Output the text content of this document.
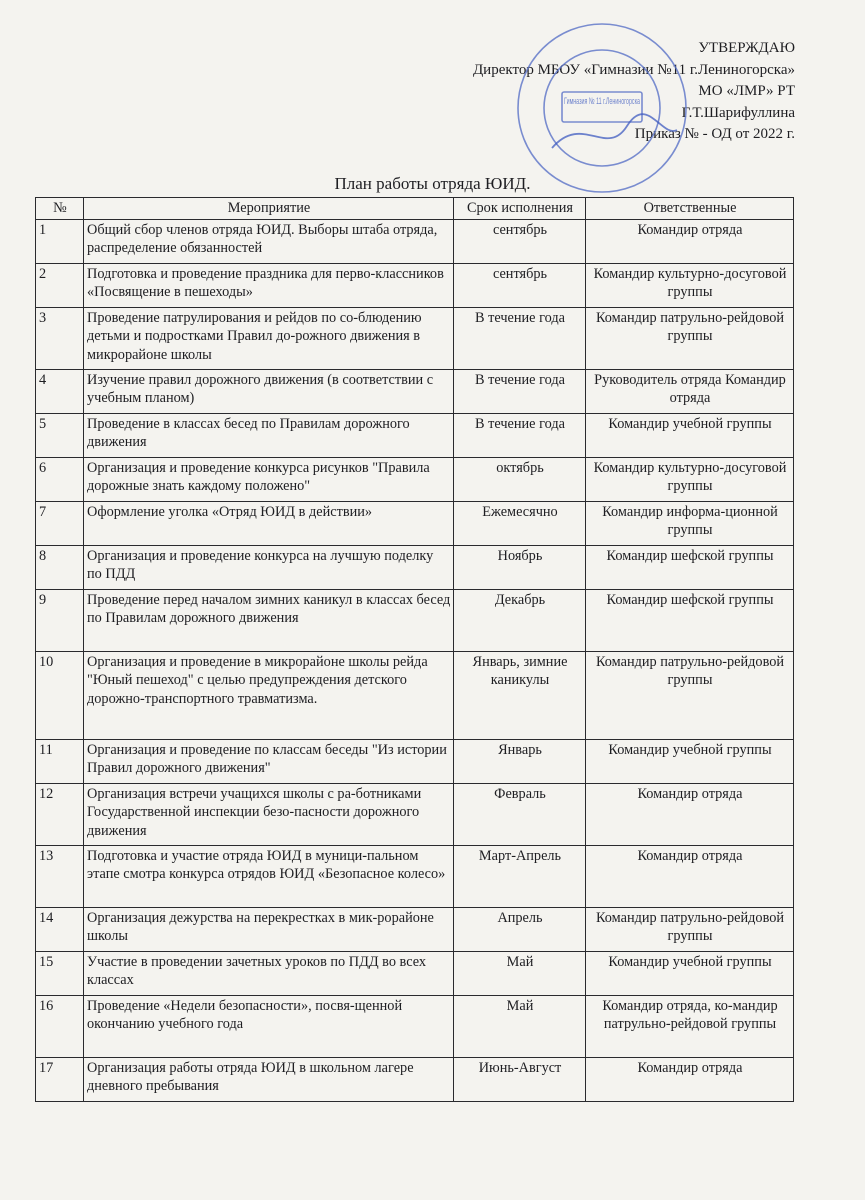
УТВЕРЖДАЮ
Директор МБОУ «Гимназии №11 г.Лениногорска»
МО «ЛМР» РТ
Г.Т.Шарифуллина
Приказ № - ОД от 2022 г.
Гимназия № 11 г.Лениногорска
План работы отряда ЮИД.
№	Мероприятие	Срок исполнения	Ответственные
1	Общий сбор членов отряда ЮИД. Выборы штаба отряда, распределение обязанностей	сентябрь	Командир отряда
2	Подготовка и проведение праздника для перво-классников «Посвящение в пешеходы»	сентябрь	Командир культурно-досуговой группы
3	Проведение патрулирования и рейдов по со-блюдению детьми и подростками Правил до-рожного движения в микрорайоне школы	В течение года	Командир патрульно-рейдовой группы
4	Изучение правил дорожного движения (в соответствии с учебным планом)	В течение года	Руководитель отряда Командир отряда
5	Проведение в классах бесед по Правилам дорожного движения	В течение года	Командир учебной группы
6	Организация и проведение конкурса рисунков "Правила дорожные знать каждому положено"	октябрь	Командир культурно-досуговой группы
7	Оформление уголка «Отряд ЮИД в действии»	Ежемесячно	Командир информа-ционной группы
8	Организация и проведение конкурса на лучшую поделку по ПДД	Ноябрь	Командир шефской группы
9	Проведение перед началом зимних каникул в классах бесед по Правилам дорожного движения	Декабрь	Командир шефской группы
10	Организация и проведение в микрорайоне школы рейда "Юный пешеход" с целью предупреждения детского дорожно-транспортного травматизма.	Январь, зимние каникулы	Командир патрульно-рейдовой группы
11	Организация и проведение по классам беседы "Из истории Правил дорожного движения"	Январь	Командир учебной группы
12	Организация встречи учащихся школы с ра-ботниками Государственной инспекции безо-пасности дорожного движения	Февраль	Командир отряда
13	Подготовка и участие отряда ЮИД в муници-пальном этапе смотра конкурса отрядов ЮИД «Безопасное колесо»	Март-Апрель	Командир отряда
14	Организация дежурства на перекрестках в мик-рорайоне школы	Апрель	Командир патрульно-рейдовой группы
15	Участие в проведении зачетных уроков по ПДД во всех классах	Май	Командир учебной группы
16	Проведение «Недели безопасности», посвя-щенной окончанию учебного года	Май	Командир отряда, ко-мандир патрульно-рейдовой группы
17	Организация работы отряда ЮИД в школьном лагере дневного пребывания	Июнь-Август	Командир отряда
